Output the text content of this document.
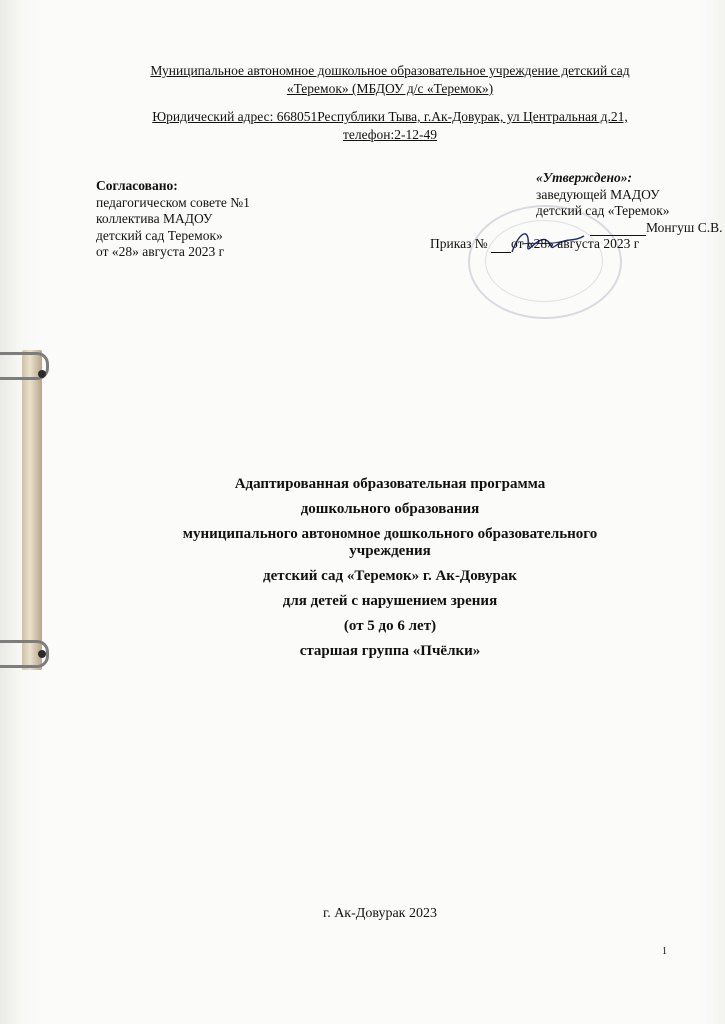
Муниципальное автономное дошкольное образовательное учреждение детский сад
«Теремок» (МБДОУ д/с «Теремок»)
Юридический адрес: 668051Республики Тыва, г.Ак-Довурак, ул Центральная д.21,
телефон:2-12-49
Согласовано:
педагогическом совете №1
коллектива МАДОУ
детский сад Теремок»
от «28» августа 2023 г
«Утверждено»:
заведующей МАДОУ
детский сад «Теремок»
Монгуш С.В.
Приказ № от «28» августа 2023 г
Адаптированная образовательная программа
дошкольного образования
муниципального автономное дошкольного образовательного
учреждения
детский сад «Теремок» г. Ак-Довурак
для детей с нарушением зрения
(от 5 до 6 лет)
старшая группа «Пчёлки»
г. Ак-Довурак 2023
1
